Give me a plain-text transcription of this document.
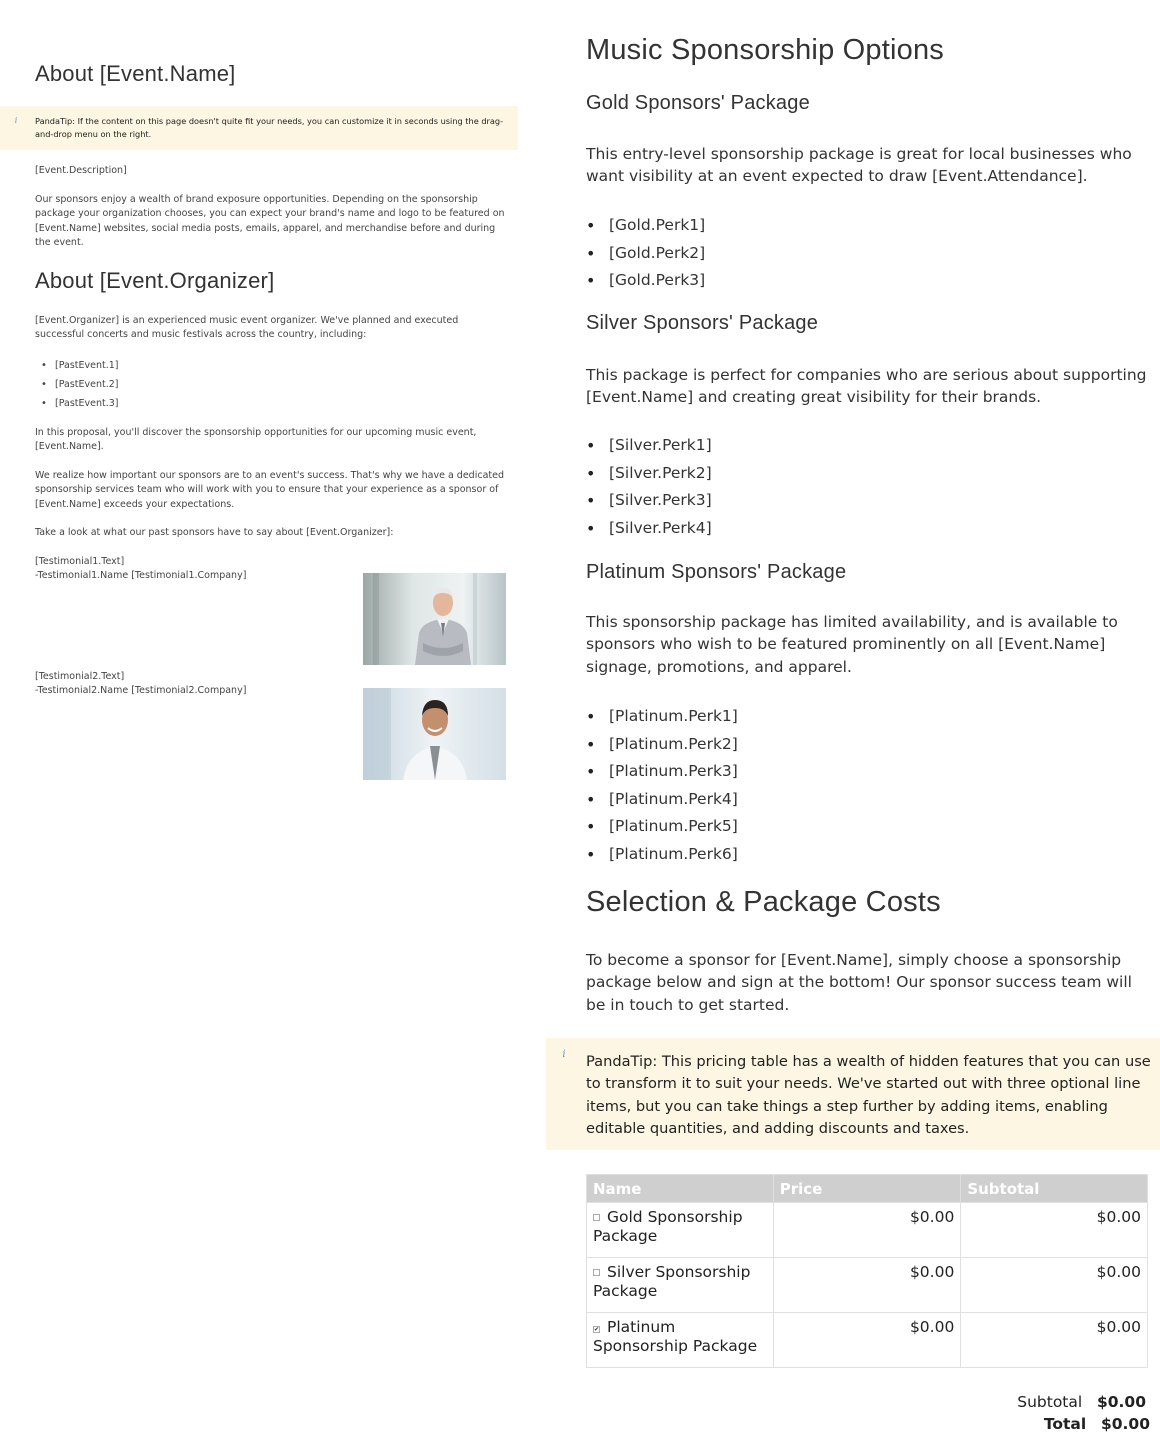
About [Event.Name]
i	PandaTip: If the content on this page doesn't quite fit your needs, you can customize it in seconds using the drag-and-drop menu on the right.

[Event.Description]

Our sponsors enjoy a wealth of brand exposure opportunities. Depending on the sponsorship package your organization chooses, you can expect your brand's name and logo to be featured on [Event.Name] websites, social media posts, emails, apparel, and merchandise before and during the event.

About [Event.Organizer]

[Event.Organizer] is an experienced music event organizer. We've planned and executed successful concerts and music festivals across the country, including:

• [PastEvent.1]
• [PastEvent.2]
• [PastEvent.3]

In this proposal, you'll discover the sponsorship opportunities for our upcoming music event, [Event.Name].

We realize how important our sponsors are to an event's success. That's why we have a dedicated sponsorship services team who will work with you to ensure that your experience as a sponsor of [Event.Name] exceeds your expectations.

Take a look at what our past sponsors have to say about [Event.Organizer]:

[Testimonial1.Text]

-Testimonial1.Name [Testimonial1.Company]

[Testimonial2.Text]

-Testimonial2.Name [Testimonial2.Company]

Music Sponsorship Options
Gold Sponsors' Package

This entry-level sponsorship package is great for local businesses who want visibility at an event expected to draw [Event.Attendance].

• [Gold.Perk1]
• [Gold.Perk2]
• [Gold.Perk3]
Silver Sponsors' Package

This package is perfect for companies who are serious about supporting [Event.Name] and creating great visibility for their brands.

• [Silver.Perk1]
• [Silver.Perk2]
• [Silver.Perk3]
• [Silver.Perk4]
Platinum Sponsors' Package

This sponsorship package has limited availability, and is available to sponsors who wish to be featured prominently on all [Event.Name] signage, promotions, and apparel.

• [Platinum.Perk1]
• [Platinum.Perk2]
• [Platinum.Perk3]
• [Platinum.Perk4]
• [Platinum.Perk5]
• [Platinum.Perk6]
Selection & Package Costs

To become a sponsor for [Event.Name], simply choose a sponsorship package below and sign at the bottom! Our sponsor success team will be in touch to get started.

i	PandaTip: This pricing table has a wealth of hidden features that you can use to transform it to suit your needs. We've started out with three optional line items, but you can take things a step further by adding items, enabling editable quantities, and adding discounts and taxes.

Name	Price	Subtotal
Gold Sponsorship Package	$0.00	$0.00
Silver Sponsorship Package	$0.00	$0.00
✔ Platinum Sponsorship Package	$0.00	$0.00
Subtotal $0.00
Total $0.00
